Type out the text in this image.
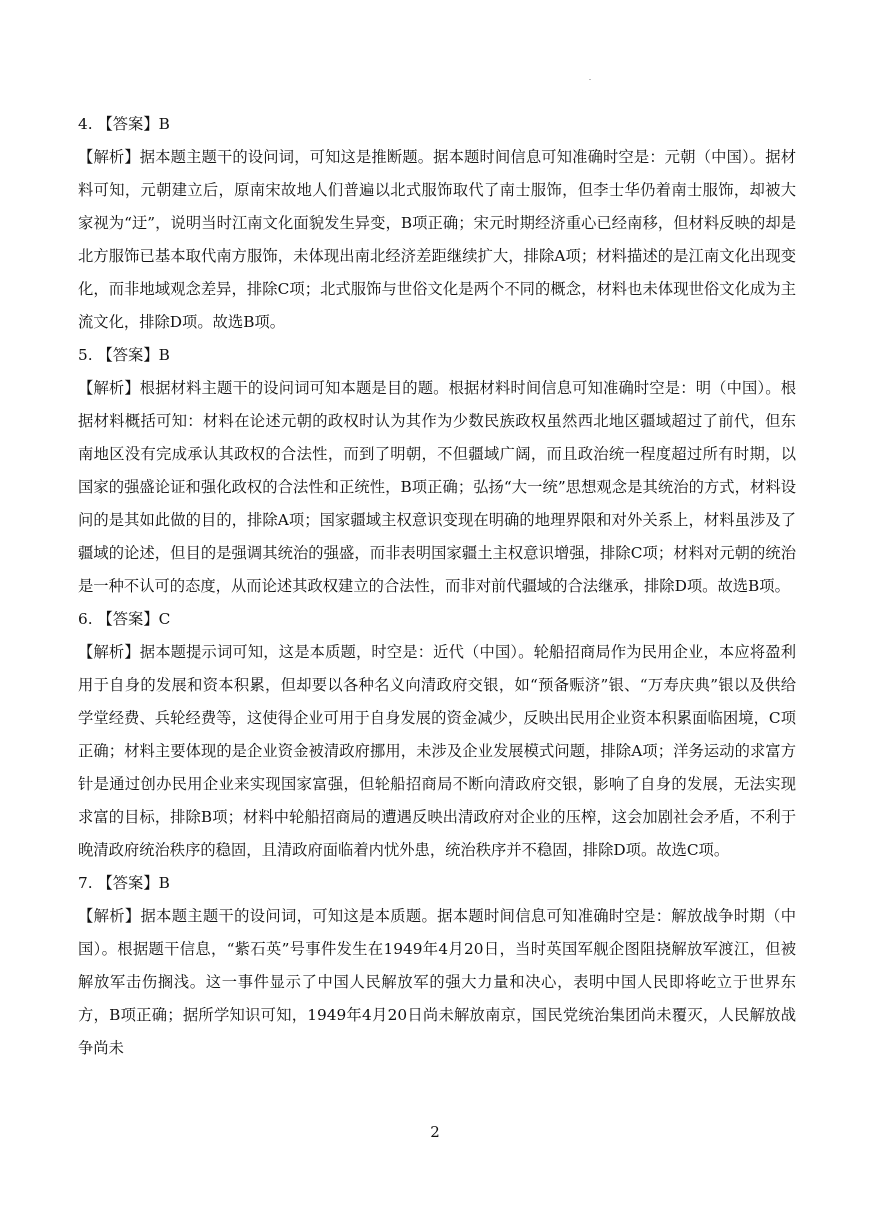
4. 【答案】B

【解析】据本题主题干的设问词，可知这是推断题。据本题时间信息可知准确时空是：元朝（中国）。据材料可知，元朝建立后，原南宋故地人们普遍以北式服饰取代了南士服饰，但李士华仍着南士服饰，却被大家视为“迂”，说明当时江南文化面貌发生异变，B项正确；宋元时期经济重心已经南移，但材料反映的却是北方服饰已基本取代南方服饰，未体现出南北经济差距继续扩大，排除A项；材料描述的是江南文化出现变化，而非地域观念差异，排除C项；北式服饰与世俗文化是两个不同的概念，材料也未体现世俗文化成为主流文化，排除D项。故选B项。

5. 【答案】B

【解析】根据材料主题干的设问词可知本题是目的题。根据材料时间信息可知准确时空是：明（中国）。根据材料概括可知：材料在论述元朝的政权时认为其作为少数民族政权虽然西北地区疆域超过了前代，但东南地区没有完成承认其政权的合法性，而到了明朝，不但疆域广阔，而且政治统一程度超过所有时期，以国家的强盛论证和强化政权的合法性和正统性，B项正确；弘扬“大一统”思想观念是其统治的方式，材料设问的是其如此做的目的，排除A项；国家疆域主权意识变现在明确的地理界限和对外关系上，材料虽涉及了疆域的论述，但目的是强调其统治的强盛，而非表明国家疆土主权意识增强，排除C项；材料对元朝的统治是一种不认可的态度，从而论述其政权建立的合法性，而非对前代疆域的合法继承，排除D项。故选B项。

6. 【答案】C

【解析】据本题提示词可知，这是本质题，时空是：近代（中国）。轮船招商局作为民用企业，本应将盈利用于自身的发展和资本积累，但却要以各种名义向清政府交银，如“预备赈济”银、“万寿庆典”银以及供给学堂经费、兵轮经费等，这使得企业可用于自身发展的资金减少，反映出民用企业资本积累面临困境，C项正确；材料主要体现的是企业资金被清政府挪用，未涉及企业发展模式问题，排除A项；洋务运动的求富方针是通过创办民用企业来实现国家富强，但轮船招商局不断向清政府交银，影响了自身的发展，无法实现求富的目标，排除B项；材料中轮船招商局的遭遇反映出清政府对企业的压榨，这会加剧社会矛盾，不利于晚清政府统治秩序的稳固，且清政府面临着内忧外患，统治秩序并不稳固，排除D项。故选C项。

7. 【答案】B

【解析】据本题主题干的设问词，可知这是本质题。据本题时间信息可知准确时空是：解放战争时期（中国）。根据题干信息，“紫石英”号事件发生在1949年4月20日，当时英国军舰企图阻挠解放军渡江，但被解放军击伤搁浅。这一事件显示了中国人民解放军的强大力量和决心，表明中国人民即将屹立于世界东方，B项正确；据所学知识可知，1949年4月20日尚未解放南京，国民党统治集团尚未覆灭，人民解放战争尚未

2
